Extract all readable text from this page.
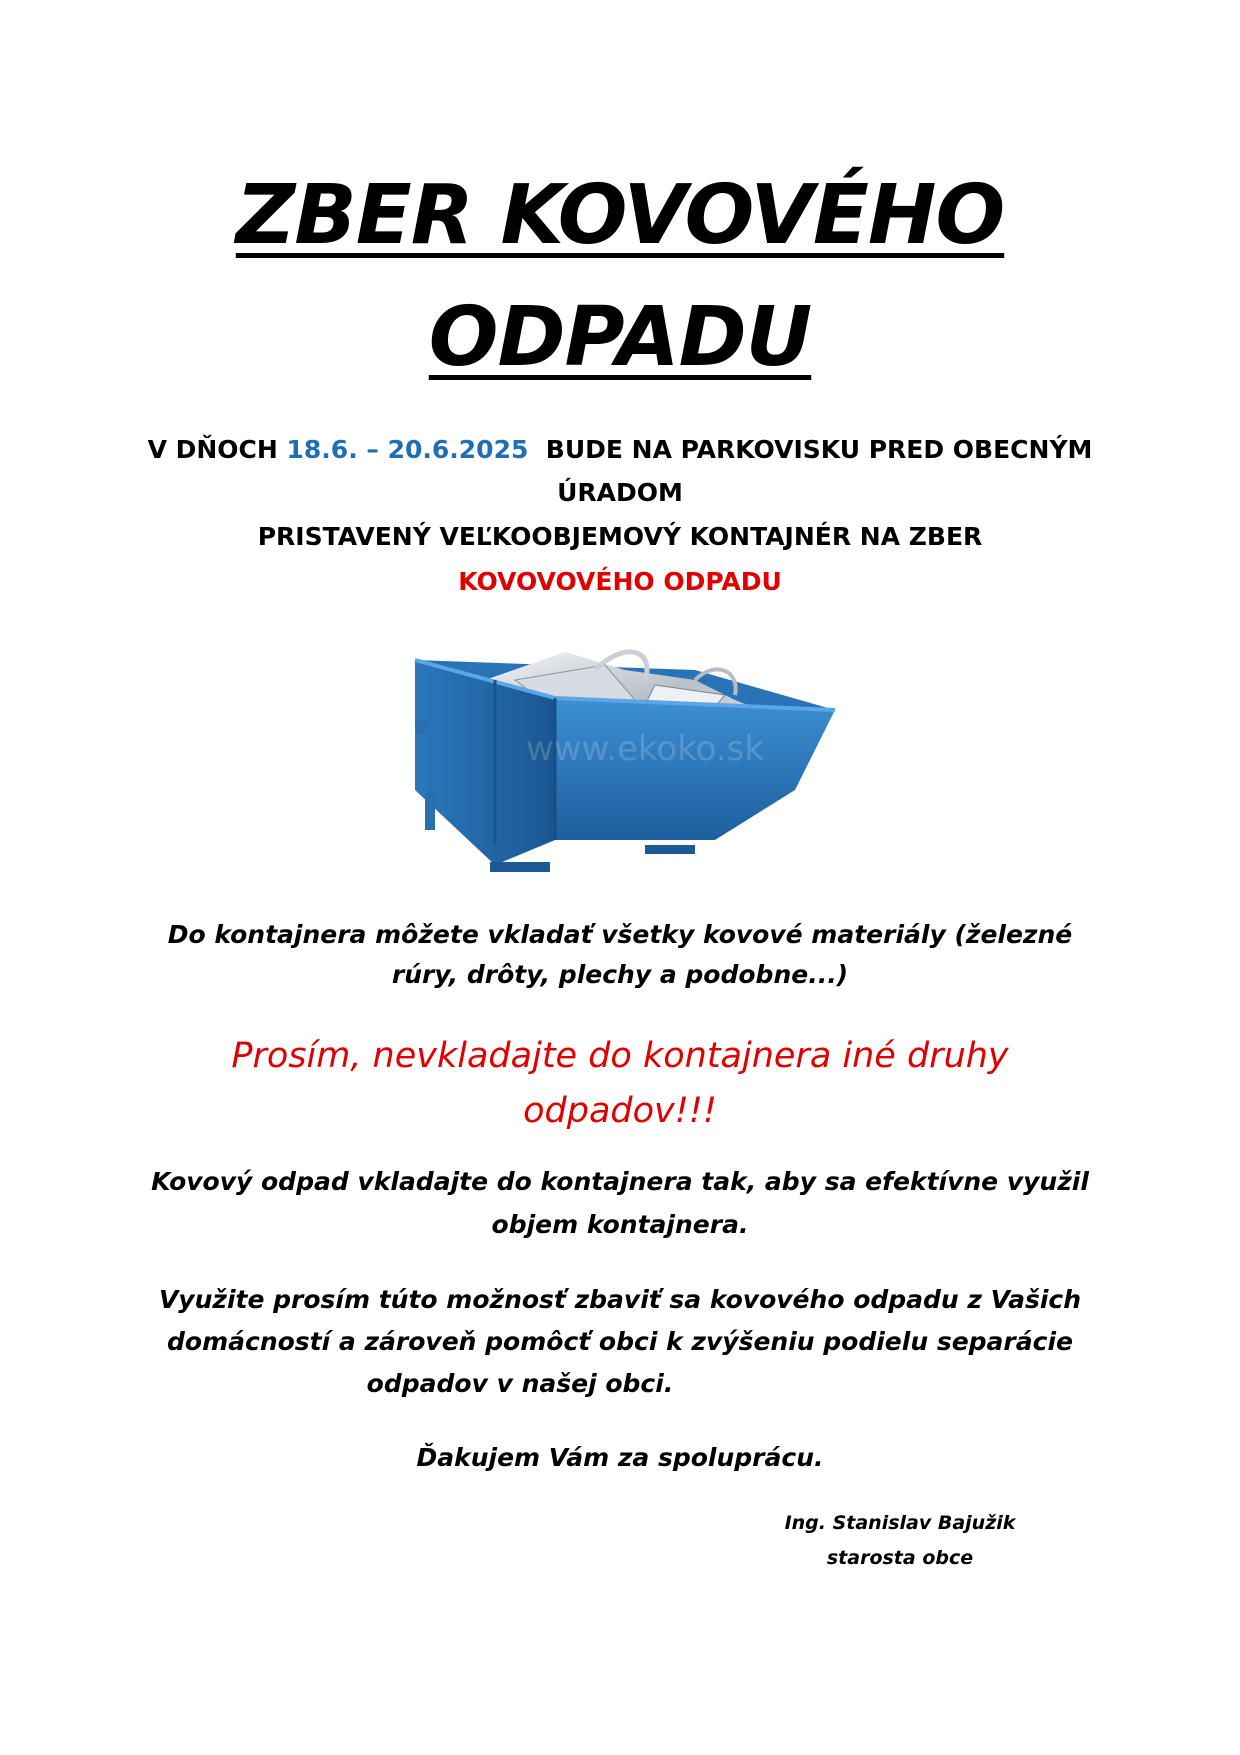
ZBER KOVOVÉHO
ODPADU
V DŇOCH 18.6. – 20.6.2025  BUDE NA PARKOVISKU PRED OBECNÝM
ÚRADOM
PRISTAVENÝ VEĽKOOBJEMOVÝ KONTAJNÉR NA ZBER
KOVOVOVÉHO ODPADU
www.ekoko.sk
Do kontajnera môžete vkladať všetky kovové materiály (železné
rúry, drôty, plechy a podobne...)
Prosím, nevkladajte do kontajnera iné druhy
odpadov!!!
Kovový odpad vkladajte do kontajnera tak, aby sa efektívne využil
objem kontajnera.
Využite prosím túto možnosť zbaviť sa kovového odpadu z Vašich
domácností a zároveň pomôcť obci k zvýšeniu podielu separácie
odpadov v našej obci.
Ďakujem Vám za spoluprácu.
Ing. Stanislav Bajužik
starosta obce
